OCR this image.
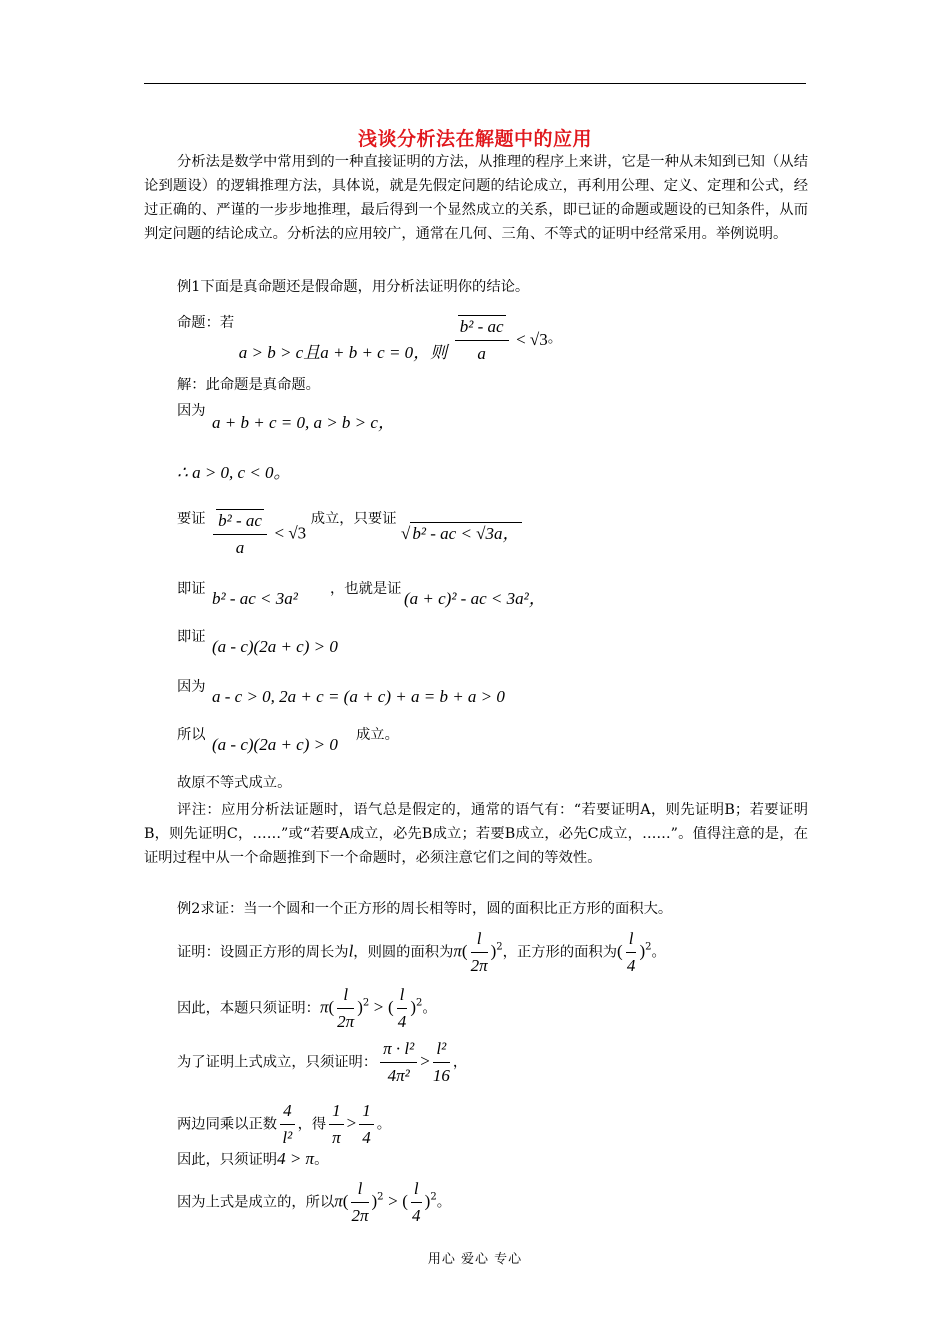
浅谈分析法在解题中的应用
分析法是数学中常用到的一种直接证明的方法，从推理的程序上来讲，它是一种从未知到已知（从结论到题设）的逻辑推理方法，具体说，就是先假定问题的结论成立，再利用公理、定义、定理和公式，经过正确的、严谨的一步步地推理，最后得到一个显然成立的关系，即已证的命题或题设的已知条件，从而判定问题的结论成立。分析法的应用较广，通常在几何、三角、不等式的证明中经常采用。举例说明。
例1下面是真命题还是假命题，用分析法证明你的结论。
命题：若 a > b > c且a + b + c = 0，则 $\frac{\text{b² - ac}}{a} < √3$。
解：此命题是真命题。
因为
a + b + c = 0, a > b > c，
∴ a > 0, c < 0。
要证 $\frac{\text{b² - ac}}{a} < √3$ 成立，只要证 √ b² - ac < √3a，
即证 b² - ac < 3a² ，也就是证 (a + c)² - ac < 3a²，
即证 (a - c)(2a + c) > 0
因为 a - c > 0, 2a + c = (a + c) + a = b + a > 0
所以 (a - c)(2a + c) > 0 成立。
故原不等式成立。
评注：应用分析法证题时，语气总是假定的，通常的语气有：“若要证明A，则先证明B；若要证明B，则先证明C，……”或“若要A成立，必先B成立；若要B成立，必先C成立，……”。值得注意的是，在证明过程中从一个命题推到下一个命题时，必须注意它们之间的等效性。
例2求证：当一个圆和一个正方形的周长相等时，圆的面积比正方形的面积大。
证明：设圆正方形的周长为l，则圆的面积为$\pi( \frac{l}{2\pi} )^2$，正方形的面积为( $\frac{l}{4} )^2$。
因此，本题只须证明：$\pi( \frac{l}{2\pi} )^2$ > ( $\frac{l}{4} )^2$。
为了证明上式成立，只须证明： $\frac{\text{π · l²}}{\text{4π²}} > \frac{\text{l²}}{16}$ ，
两边同乘以正数 $\frac{4}{\text{l²}}$ ，得 $\frac{1}{\pi} > \frac{1}{4}$ 。
因此，只须证明4 > π。
因为上式是成立的，所以$\pi( \frac{l}{2\pi} )^2$ > ( $\frac{l}{4} )^2$。
用心 爱心 专心
